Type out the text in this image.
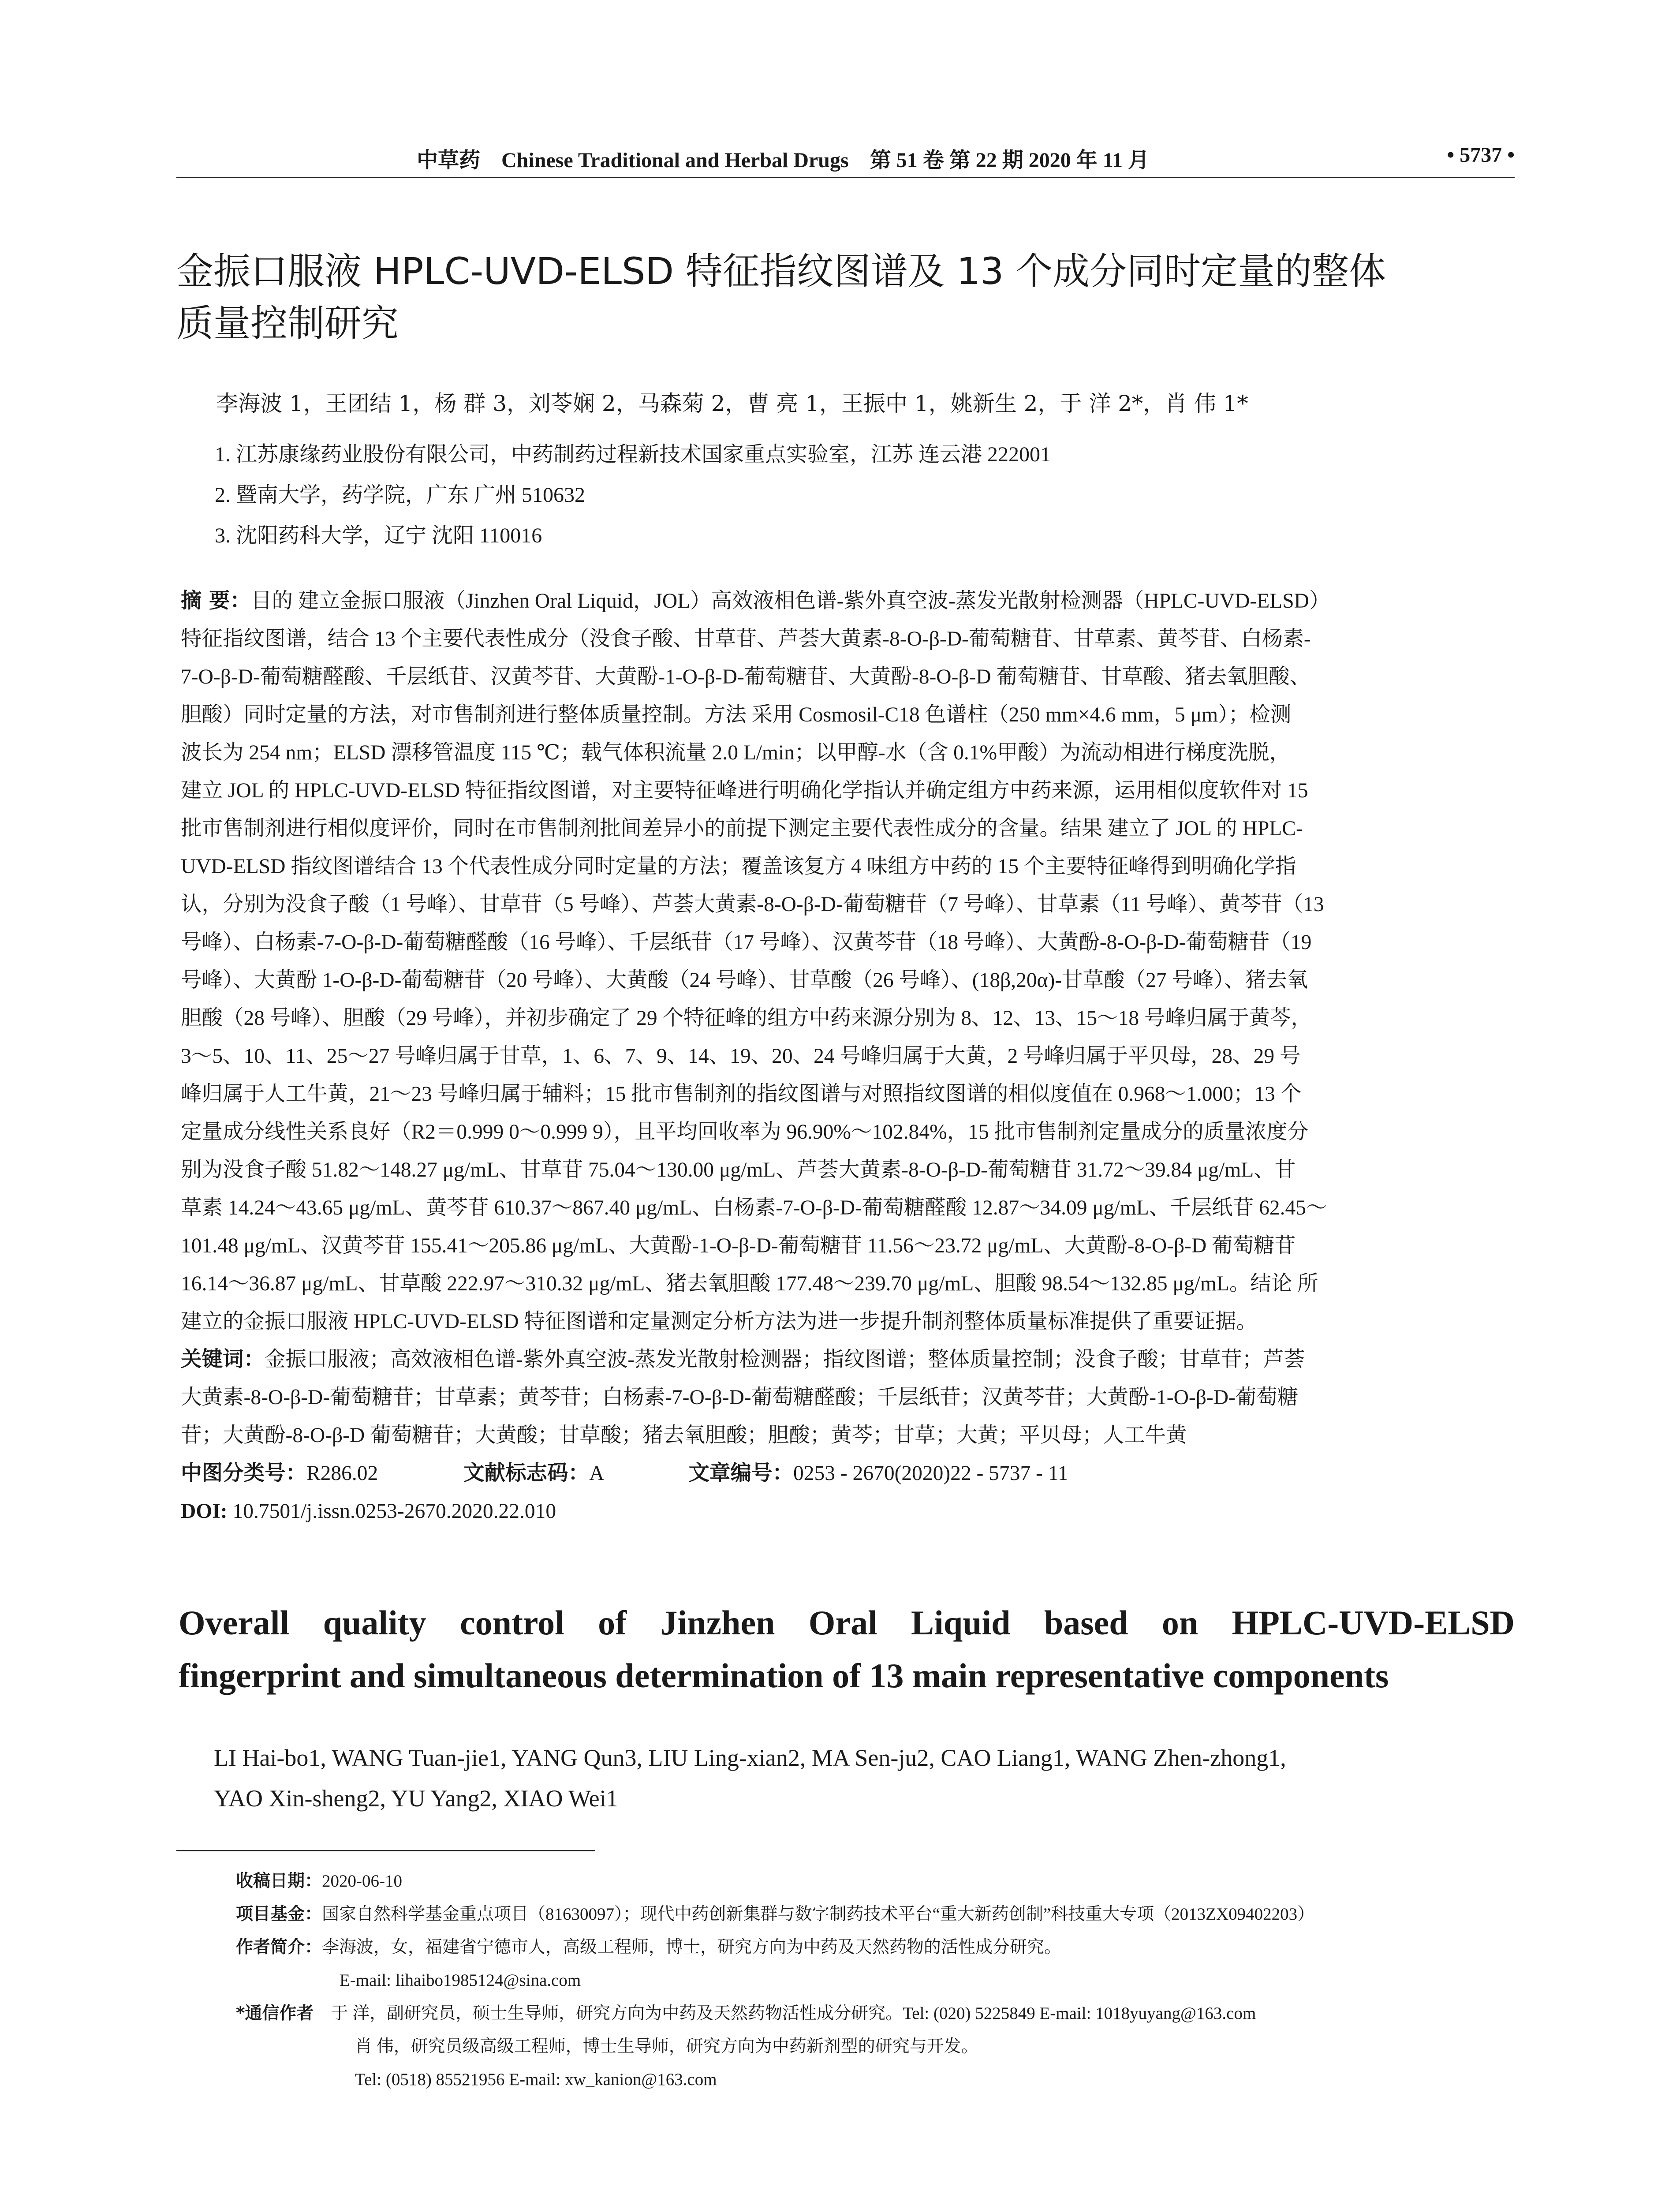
中草药 Chinese Traditional and Herbal Drugs 第 51 卷 第 22 期 2020 年 11 月	• 5737 •
金振口服液 HPLC-UVD-ELSD 特征指纹图谱及 13 个成分同时定量的整体
质量控制研究
李海波 1，王团结 1，杨 群 3，刘苓娴 2，马森菊 2，曹 亮 1，王振中 1，姚新生 2，于 洋 2*，肖 伟 1*
1. 江苏康缘药业股份有限公司，中药制药过程新技术国家重点实验室，江苏 连云港 222001
2. 暨南大学，药学院，广东 广州 510632
3. 沈阳药科大学，辽宁 沈阳 110016
摘 要：目的 建立金振口服液（Jinzhen Oral Liquid，JOL）高效液相色谱-紫外真空波-蒸发光散射检测器（HPLC-UVD-ELSD）
特征指纹图谱，结合 13 个主要代表性成分（没食子酸、甘草苷、芦荟大黄素-8-O-β-D-葡萄糖苷、甘草素、黄芩苷、白杨素-
7-O-β-D-葡萄糖醛酸、千层纸苷、汉黄芩苷、大黄酚-1-O-β-D-葡萄糖苷、大黄酚-8-O-β-D 葡萄糖苷、甘草酸、猪去氧胆酸、
胆酸）同时定量的方法，对市售制剂进行整体质量控制。方法 采用 Cosmosil-C18 色谱柱（250 mm×4.6 mm，5 μm）；检测
波长为 254 nm；ELSD 漂移管温度 115 ℃；载气体积流量 2.0 L/min；以甲醇-水（含 0.1%甲酸）为流动相进行梯度洗脱，
建立 JOL 的 HPLC-UVD-ELSD 特征指纹图谱，对主要特征峰进行明确化学指认并确定组方中药来源，运用相似度软件对 15
批市售制剂进行相似度评价，同时在市售制剂批间差异小的前提下测定主要代表性成分的含量。结果 建立了 JOL 的 HPLC-
UVD-ELSD 指纹图谱结合 13 个代表性成分同时定量的方法；覆盖该复方 4 味组方中药的 15 个主要特征峰得到明确化学指
认，分别为没食子酸（1 号峰）、甘草苷（5 号峰）、芦荟大黄素-8-O-β-D-葡萄糖苷（7 号峰）、甘草素（11 号峰）、黄芩苷（13
号峰）、白杨素-7-O-β-D-葡萄糖醛酸（16 号峰）、千层纸苷（17 号峰）、汉黄芩苷（18 号峰）、大黄酚-8-O-β-D-葡萄糖苷（19
号峰）、大黄酚 1-O-β-D-葡萄糖苷（20 号峰）、大黄酸（24 号峰）、甘草酸（26 号峰）、(18β,20α)-甘草酸（27 号峰）、猪去氧
胆酸（28 号峰）、胆酸（29 号峰），并初步确定了 29 个特征峰的组方中药来源分别为 8、12、13、15～18 号峰归属于黄芩，
3～5、10、11、25～27 号峰归属于甘草，1、6、7、9、14、19、20、24 号峰归属于大黄，2 号峰归属于平贝母，28、29 号
峰归属于人工牛黄，21～23 号峰归属于辅料；15 批市售制剂的指纹图谱与对照指纹图谱的相似度值在 0.968～1.000；13 个
定量成分线性关系良好（R2＝0.999 0～0.999 9），且平均回收率为 96.90%～102.84%，15 批市售制剂定量成分的质量浓度分
别为没食子酸 51.82～148.27 μg/mL、甘草苷 75.04～130.00 μg/mL、芦荟大黄素-8-O-β-D-葡萄糖苷 31.72～39.84 μg/mL、甘
草素 14.24～43.65 μg/mL、黄芩苷 610.37～867.40 μg/mL、白杨素-7-O-β-D-葡萄糖醛酸 12.87～34.09 μg/mL、千层纸苷 62.45～
101.48 μg/mL、汉黄芩苷 155.41～205.86 μg/mL、大黄酚-1-O-β-D-葡萄糖苷 11.56～23.72 μg/mL、大黄酚-8-O-β-D 葡萄糖苷
16.14～36.87 μg/mL、甘草酸 222.97～310.32 μg/mL、猪去氧胆酸 177.48～239.70 μg/mL、胆酸 98.54～132.85 μg/mL。结论 所
建立的金振口服液 HPLC-UVD-ELSD 特征图谱和定量测定分析方法为进一步提升制剂整体质量标准提供了重要证据。
关键词：金振口服液；高效液相色谱-紫外真空波-蒸发光散射检测器；指纹图谱；整体质量控制；没食子酸；甘草苷；芦荟
大黄素-8-O-β-D-葡萄糖苷；甘草素；黄芩苷；白杨素-7-O-β-D-葡萄糖醛酸；千层纸苷；汉黄芩苷；大黄酚-1-O-β-D-葡萄糖
苷；大黄酚-8-O-β-D 葡萄糖苷；大黄酸；甘草酸；猪去氧胆酸；胆酸；黄芩；甘草；大黄；平贝母；人工牛黄
中图分类号：R286.02	文献标志码：A	文章编号：0253 - 2670(2020)22 - 5737 - 11
DOI: 10.7501/j.issn.0253-2670.2020.22.010
Overall quality control of Jinzhen Oral Liquid based on HPLC-UVD-ELSD
fingerprint and simultaneous determination of 13 main representative components
LI Hai-bo1, WANG Tuan-jie1, YANG Qun3, LIU Ling-xian2, MA Sen-ju2, CAO Liang1, WANG Zhen-zhong1,
YAO Xin-sheng2, YU Yang2, XIAO Wei1
收稿日期：2020-06-10
项目基金：国家自然科学基金重点项目（81630097）；现代中药创新集群与数字制药技术平台“重大新药创制”科技重大专项（2013ZX09402203）
作者简介：李海波，女，福建省宁德市人，高级工程师，博士，研究方向为中药及天然药物的活性成分研究。
E-mail: lihaibo1985124@sina.com
*通信作者 于 洋，副研究员，硕士生导师，研究方向为中药及天然药物活性成分研究。Tel: (020) 5225849 E-mail: 1018yuyang@163.com
肖 伟，研究员级高级工程师，博士生导师，研究方向为中药新剂型的研究与开发。
Tel: (0518) 85521956 E-mail: xw_kanion@163.com
